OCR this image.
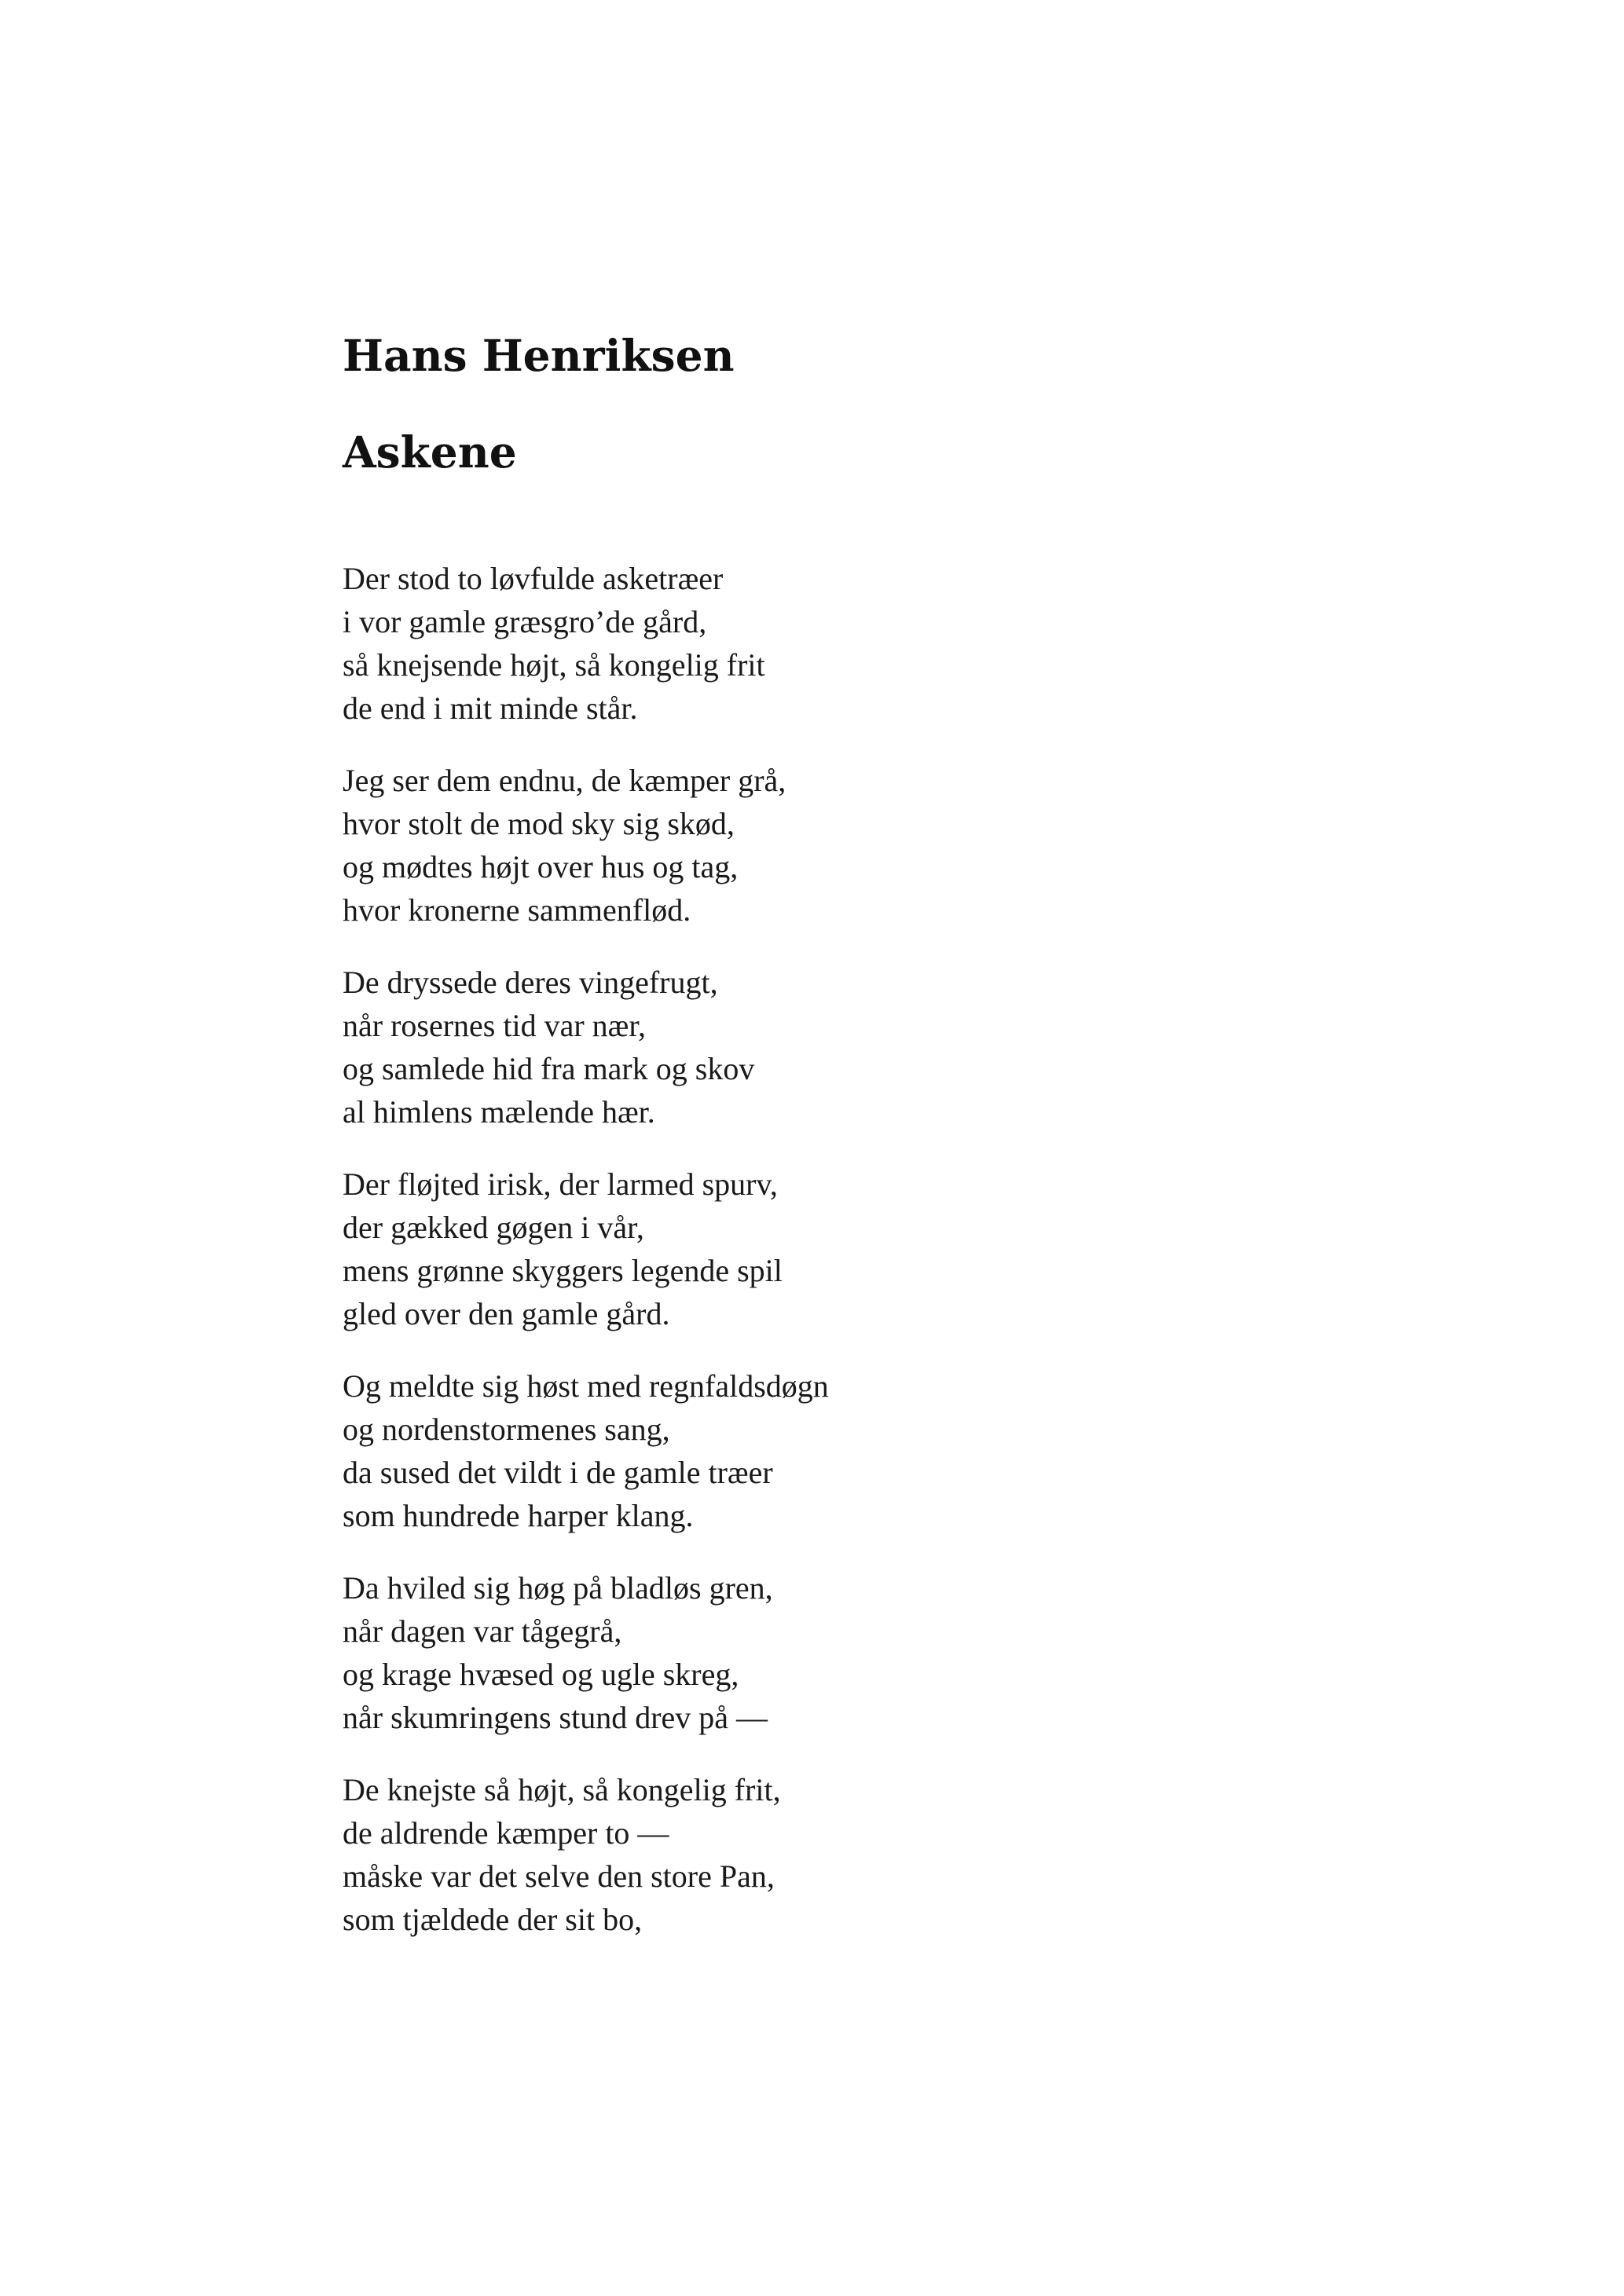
Hans Henriksen
Askene
Der stod to løvfulde asketræer
i vor gamle græsgro’de gård,
så knejsende højt, så kongelig frit
de end i mit minde står.
Jeg ser dem endnu, de kæmper grå,
hvor stolt de mod sky sig skød,
og mødtes højt over hus og tag,
hvor kronerne sammenflød.
De dryssede deres vingefrugt,
når rosernes tid var nær,
og samlede hid fra mark og skov
al himlens mælende hær.
Der fløjted irisk, der larmed spurv,
der gækked gøgen i vår,
mens grønne skyggers legende spil
gled over den gamle gård.
Og meldte sig høst med regnfaldsdøgn
og nordenstormenes sang,
da sused det vildt i de gamle træer
som hundrede harper klang.
Da hviled sig høg på bladløs gren,
når dagen var tågegrå,
og krage hvæsed og ugle skreg,
når skumringens stund drev på —
De knejste så højt, så kongelig frit,
de aldrende kæmper to —
måske var det selve den store Pan,
som tjældede der sit bo,
